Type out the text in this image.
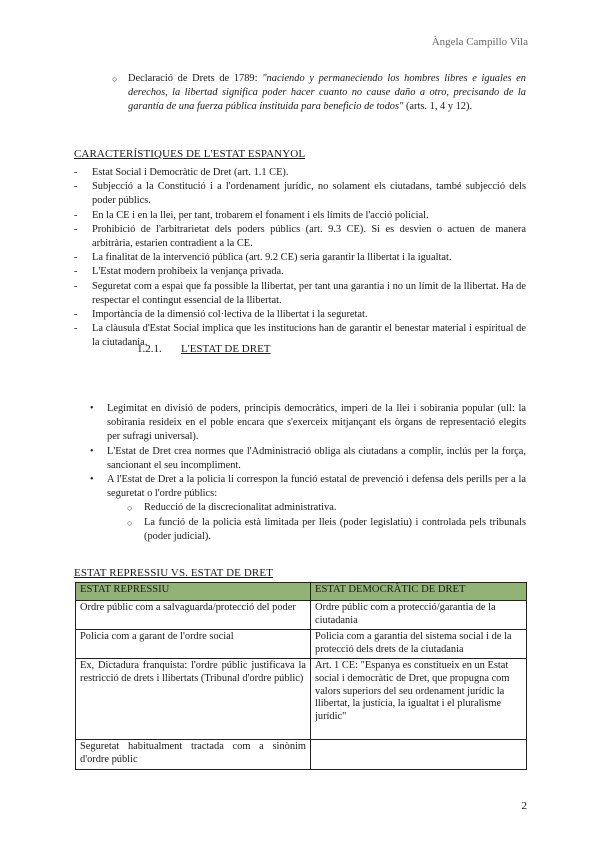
Àngela Campillo Vila
○ Declaració de Drets de 1789: "naciendo y permaneciendo los hombres libres e iguales en derechos, la libertad significa poder hacer cuanto no cause daño a otro, precisando de la garantía de una fuerza pública instituida para beneficio de todos" (arts. 1, 4 y 12).
CARACTERÍSTIQUES DE L'ESTAT ESPANYOL
- Estat Social i Democràtic de Dret (art. 1.1 CE).
- Subjecció a la Constitució i a l'ordenament jurídic, no solament els ciutadans, també subjecció dels poder públics.
- En la CE i en la llei, per tant, trobarem el fonament i els límits de l'acció policial.
- Prohibició de l'arbitrarietat dels poders públics (art. 9.3 CE). Si es desvien o actuen de manera arbitrària, estarien contradient a la CE.
- La finalitat de la intervenció pública (art. 9.2 CE) seria garantir la llibertat i la igualtat.
- L'Estat modern prohibeix la venjança privada.
- Seguretat com a espai que fa possible la llibertat, per tant una garantia i no un límit de la llibertat. Ha de respectar el contingut essencial de la llibertat.
- Importància de la dimensió col·lectiva de la llibertat i la seguretat.
- La clàusula d'Estat Social implica que les institucions han de garantir el benestar material i espiritual de la ciutadania.
1.2.1. L'ESTAT DE DRET
• Legimitat en divisió de poders, principis democràtics, imperi de la llei i sobirania popular (ull: la sobirania resideix en el poble encara que s'exerceix mitjançant els òrgans de representació elegits per sufragi universal).
• L'Estat de Dret crea normes que l'Administració obliga als ciutadans a complir, inclús per la força, sancionant el seu incompliment.
• A l'Estat de Dret a la policia li correspon la funció estatal de prevenció i defensa dels perills per a la seguretat o l'ordre públics:
○ Reducció de la discrecionalitat administrativa.
○ La funció de la policia està limitada per lleis (poder legislatiu) i controlada pels tribunals (poder judicial).
ESTAT REPRESSIU VS. ESTAT DE DRET
ESTAT REPRESSIU	ESTAT DEMOCRÀTIC DE DRET
Ordre públic com a salvaguarda/protecció del poder	Ordre públic com a protecció/garantia de la ciutadania
Policia com a garant de l'ordre social	Policia com a garantia del sistema social i de la protecció dels drets de la ciutadania
Ex, Dictadura franquista: l'ordre públic justificava la restricció de drets i llibertats (Tribunal d'ordre públic)	Art. 1 CE: "Espanya es constitueix en un Estat social i democràtic de Dret, que propugna com valors superiors del seu ordenament jurídic la llibertat, la justícia, la igualtat i el pluralisme jurídic"
Seguretat habitualment tractada com a sinònim d'ordre públic	
2
